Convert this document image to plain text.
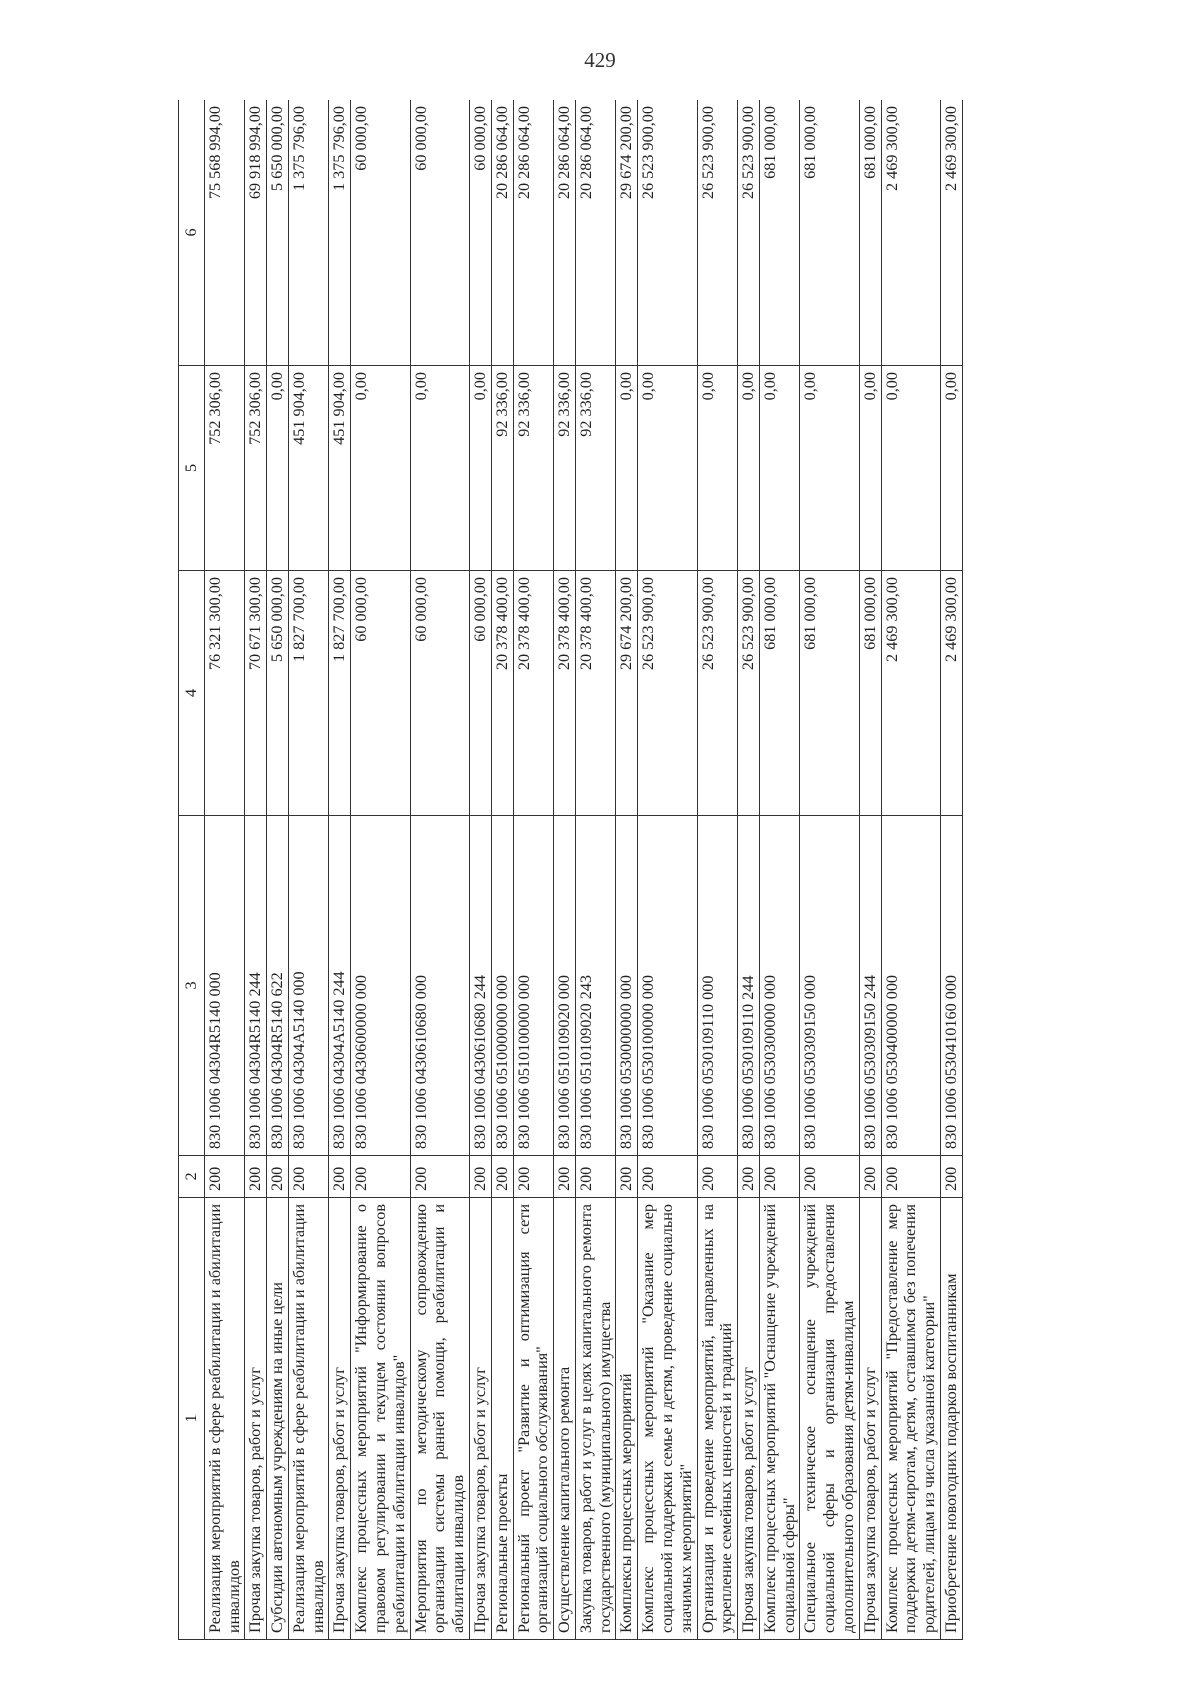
429
1	2	3	4	5	6
Реализация мероприятий в сфере реабилитации и абилитации инвалидов	200	830 1006 04304R5140 000	76 321 300,00	752 306,00	75 568 994,00
Прочая закупка товаров, работ и услуг	200	830 1006 04304R5140 244	70 671 300,00	752 306,00	69 918 994,00
Субсидии автономным учреждениям на иные цели	200	830 1006 04304R5140 622	5 650 000,00	0,00	5 650 000,00
Реализация мероприятий в сфере реабилитации и абилитации инвалидов	200	830 1006 04304A5140 000	1 827 700,00	451 904,00	1 375 796,00
Прочая закупка товаров, работ и услуг	200	830 1006 04304A5140 244	1 827 700,00	451 904,00	1 375 796,00
Комплекс процессных мероприятий "Информирование о правовом регулировании и текущем состоянии вопросов реабилитации и абилитации инвалидов"	200	830 1006 0430600000 000	60 000,00	0,00	60 000,00
Мероприятия по методическому сопровождению организации системы ранней помощи, реабилитации и абилитации инвалидов	200	830 1006 0430610680 000	60 000,00	0,00	60 000,00
Прочая закупка товаров, работ и услуг	200	830 1006 0430610680 244	60 000,00	0,00	60 000,00
Региональные проекты	200	830 1006 0510000000 000	20 378 400,00	92 336,00	20 286 064,00
Региональный проект "Развитие и оптимизация сети организаций социального обслуживания"	200	830 1006 0510100000 000	20 378 400,00	92 336,00	20 286 064,00
Осуществление капитального ремонта	200	830 1006 0510109020 000	20 378 400,00	92 336,00	20 286 064,00
Закупка товаров, работ и услуг в целях капитального ремонта государственного (муниципального) имущества	200	830 1006 0510109020 243	20 378 400,00	92 336,00	20 286 064,00
Комплексы процессных мероприятий	200	830 1006 0530000000 000	29 674 200,00	0,00	29 674 200,00
Комплекс процессных мероприятий "Оказание мер социальной поддержки семье и детям, проведение социально значимых мероприятий"	200	830 1006 0530100000 000	26 523 900,00	0,00	26 523 900,00
Организация и проведение мероприятий, направленных на укрепление семейных ценностей и традиций	200	830 1006 0530109110 000	26 523 900,00	0,00	26 523 900,00
Прочая закупка товаров, работ и услуг	200	830 1006 0530109110 244	26 523 900,00	0,00	26 523 900,00
Комплекс процессных мероприятий "Оснащение учреждений социальной сферы"	200	830 1006 0530300000 000	681 000,00	0,00	681 000,00
Специальное техническое оснащение учреждений социальной сферы и организация предоставления дополнительного образования детям-инвалидам	200	830 1006 0530309150 000	681 000,00	0,00	681 000,00
Прочая закупка товаров, работ и услуг	200	830 1006 0530309150 244	681 000,00	0,00	681 000,00
Комплекс процессных мероприятий "Предоставление мер поддержки детям-сиротам, детям, оставшимся без попечения родителей, лицам из числа указанной категории"	200	830 1006 0530400000 000	2 469 300,00	0,00	2 469 300,00
Приобретение новогодних подарков воспитанникам	200	830 1006 0530410160 000	2 469 300,00	0,00	2 469 300,00
